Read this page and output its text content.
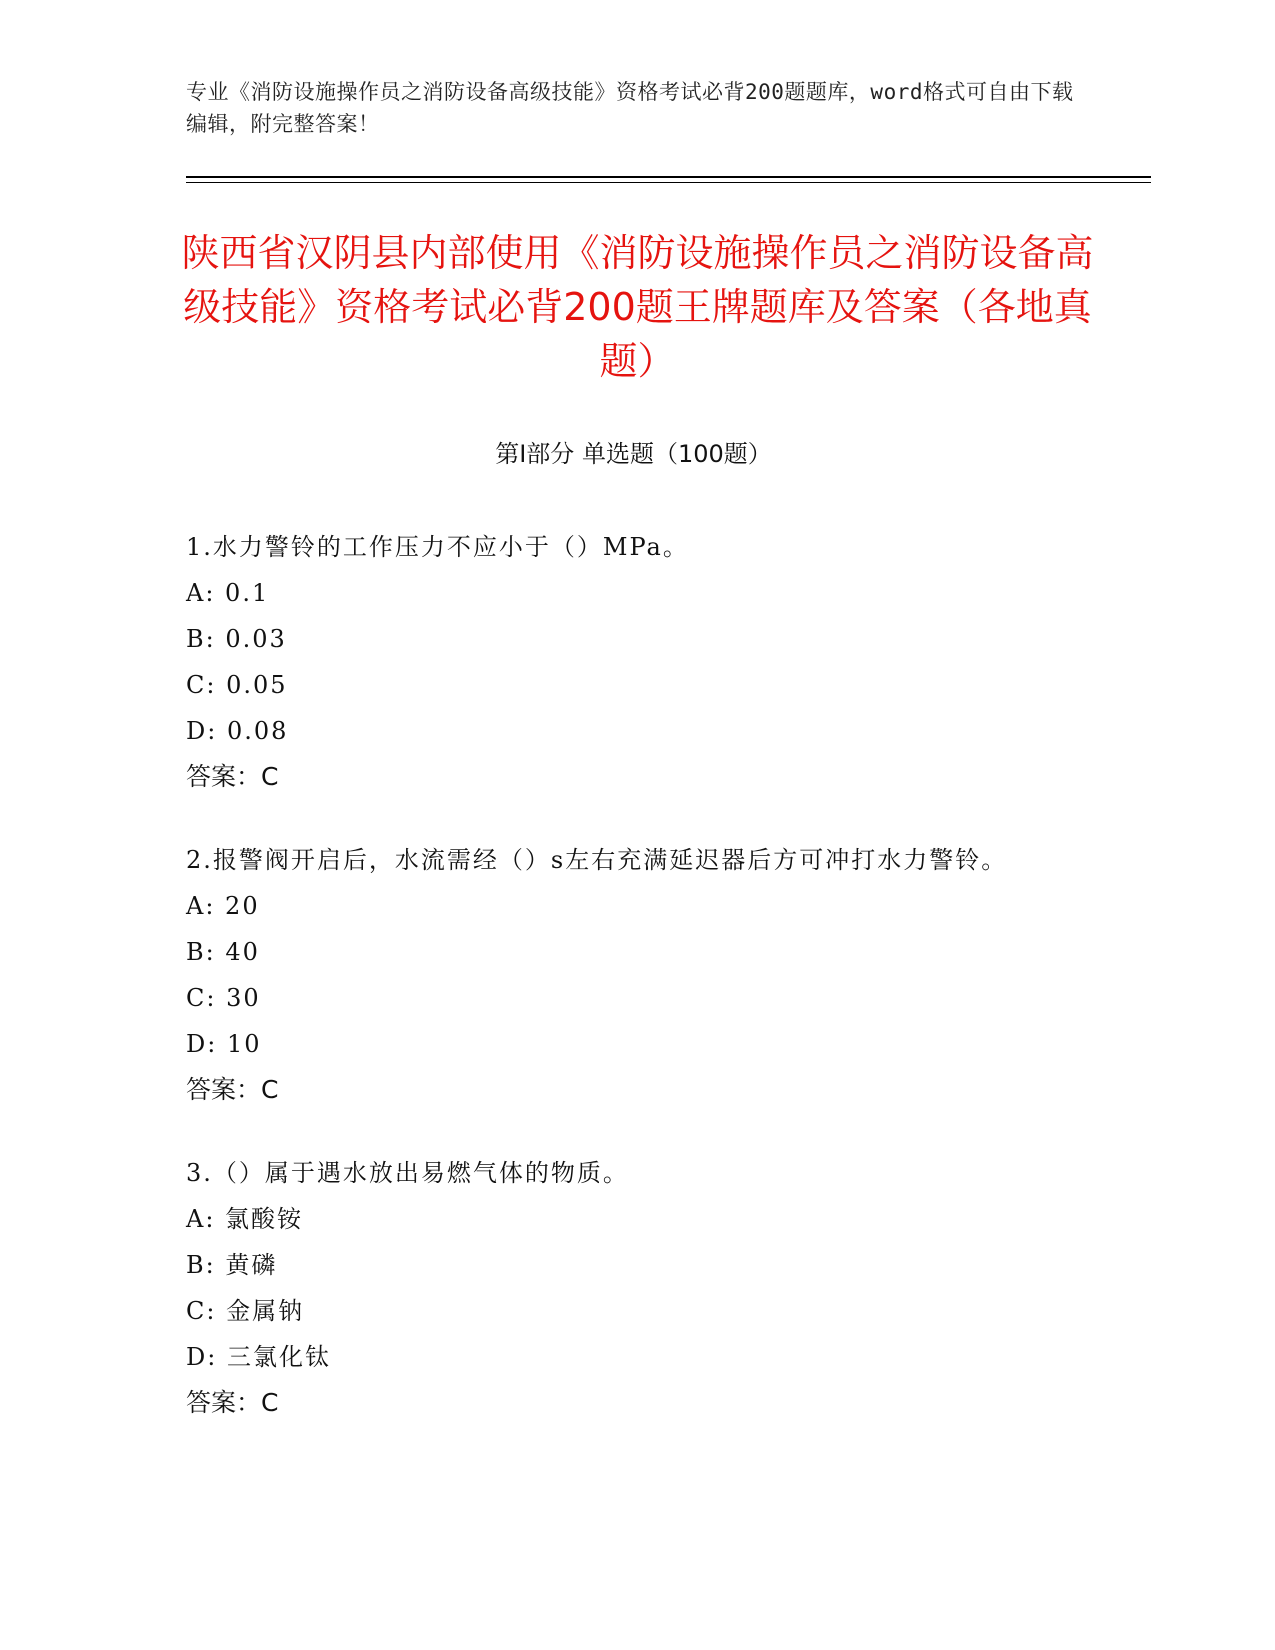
专业《消防设施操作员之消防设备高级技能》资格考试必背200题题库，word格式可自由下载编辑，附完整答案！
陕西省汉阴县内部使用《消防设施操作员之消防设备高级技能》资格考试必背200题王牌题库及答案（各地真题）
第Ⅰ部分 单选题（100题）

1.水力警铃的工作压力不应小于（）MPa。

A: 0.1

B: 0.03

C: 0.05

D: 0.08

答案：C

2.报警阀开启后，水流需经（）s左右充满延迟器后方可冲打水力警铃。

A: 20

B: 40

C: 30

D: 10

答案：C

3.（）属于遇水放出易燃气体的物质。

A: 氯酸铵

B: 黄磷

C: 金属钠

D: 三氯化钛

答案：C
